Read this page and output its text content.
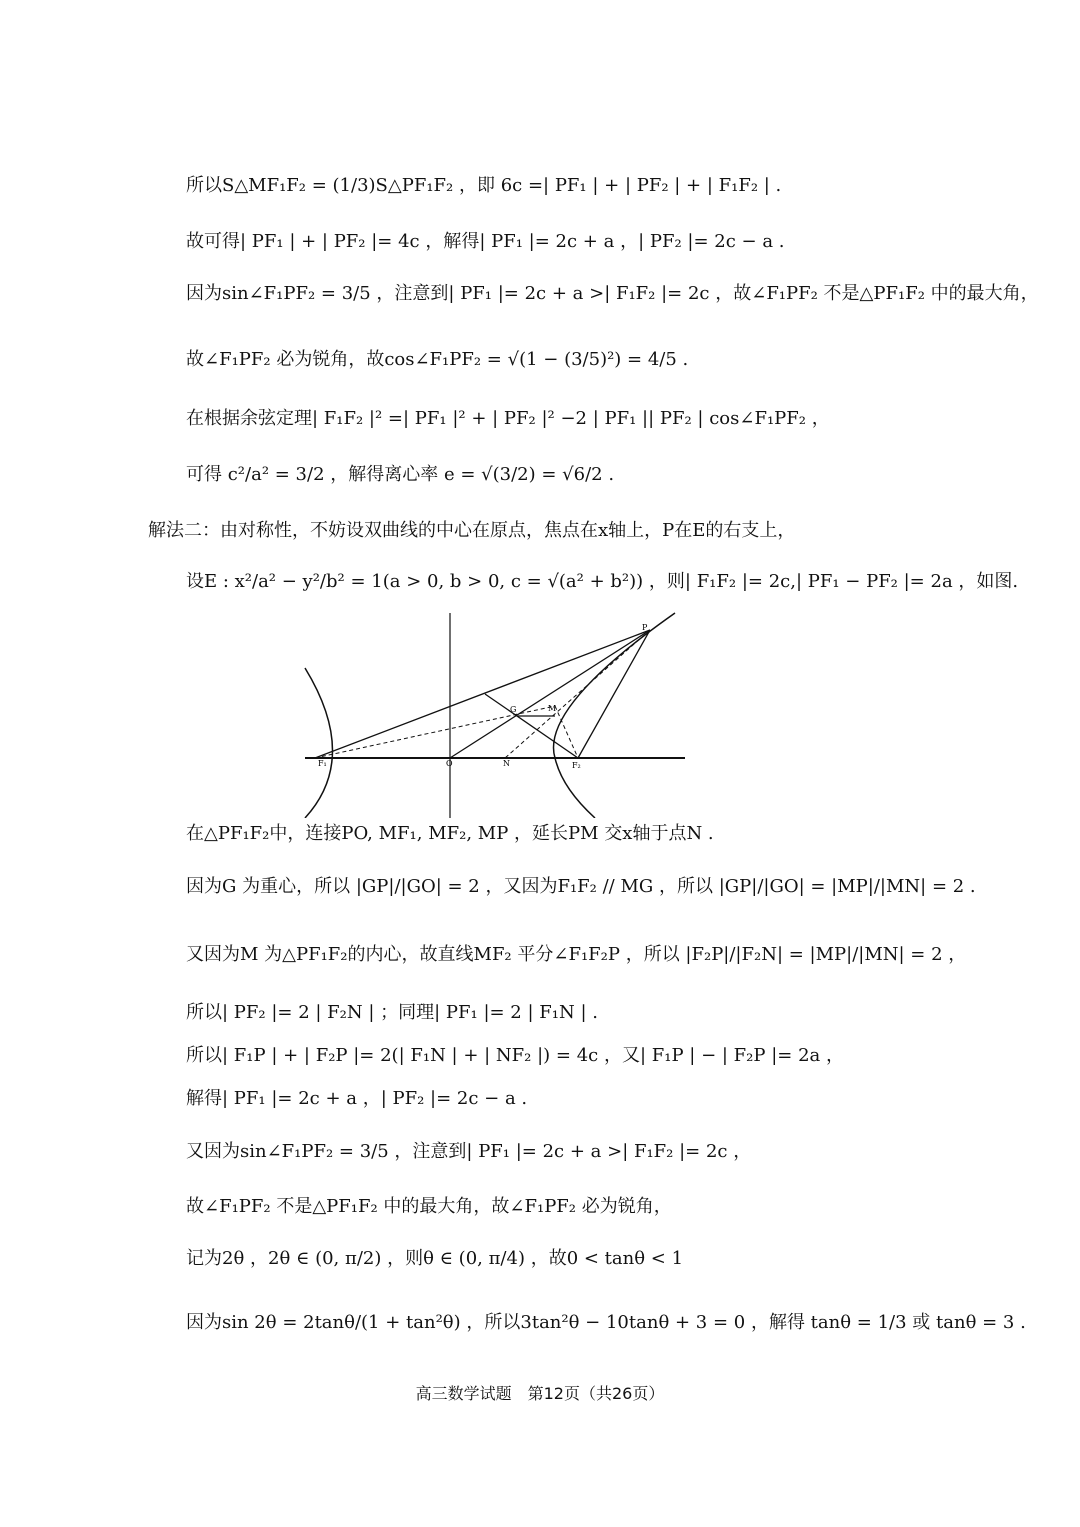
所以S△MF₁F₂ = (1/3)S△PF₁F₂ ，即 6c =| PF₁ | + | PF₂ | + | F₁F₂ | .
故可得| PF₁ | + | PF₂ |= 4c ，解得| PF₁ |= 2c + a ，| PF₂ |= 2c − a .
因为sin∠F₁PF₂ = 3/5 ，注意到| PF₁ |= 2c + a >| F₁F₂ |= 2c ，故∠F₁PF₂ 不是△PF₁F₂ 中的最大角，
故∠F₁PF₂ 必为锐角，故cos∠F₁PF₂ = √(1 − (3/5)²) = 4/5 .
在根据余弦定理| F₁F₂ |² =| PF₁ |² + | PF₂ |² −2 | PF₁ || PF₂ | cos∠F₁PF₂ ，
可得 c²/a² = 3/2 ，解得离心率 e = √(3/2) = √6/2 .
解法二：由对称性，不妨设双曲线的中心在原点，焦点在x轴上，P在E的右支上，
设E : x²/a² − y²/b² = 1(a > 0, b > 0, c = √(a² + b²)) ，则| F₁F₂ |= 2c,| PF₁ − PF₂ |= 2a ，如图.
P
G	M
F₁	O	N	F₂
在△PF₁F₂中，连接PO, MF₁, MF₂, MP ，延长PM 交x轴于点N .
因为G 为重心，所以 |GP|/|GO| = 2 ，又因为F₁F₂ // MG ，所以 |GP|/|GO| = |MP|/|MN| = 2 .
又因为M 为△PF₁F₂的内心，故直线MF₂ 平分∠F₁F₂P ，所以 |F₂P|/|F₂N| = |MP|/|MN| = 2 ，
所以| PF₂ |= 2 | F₂N | ；同理| PF₁ |= 2 | F₁N | .
所以| F₁P | + | F₂P |= 2(| F₁N | + | NF₂ |) = 4c ，又| F₁P | − | F₂P |= 2a ，
解得| PF₁ |= 2c + a ，| PF₂ |= 2c − a .
又因为sin∠F₁PF₂ = 3/5 ，注意到| PF₁ |= 2c + a >| F₁F₂ |= 2c ，
故∠F₁PF₂ 不是△PF₁F₂ 中的最大角，故∠F₁PF₂ 必为锐角，
记为2θ ，2θ ∈ (0, π/2) ，则θ ∈ (0, π/4) ，故0 < tanθ < 1
因为sin 2θ = 2tanθ/(1 + tan²θ) ，所以3tan²θ − 10tanθ + 3 = 0 ，解得 tanθ = 1/3 或 tanθ = 3 .
高三数学试题　第12页（共26页）
